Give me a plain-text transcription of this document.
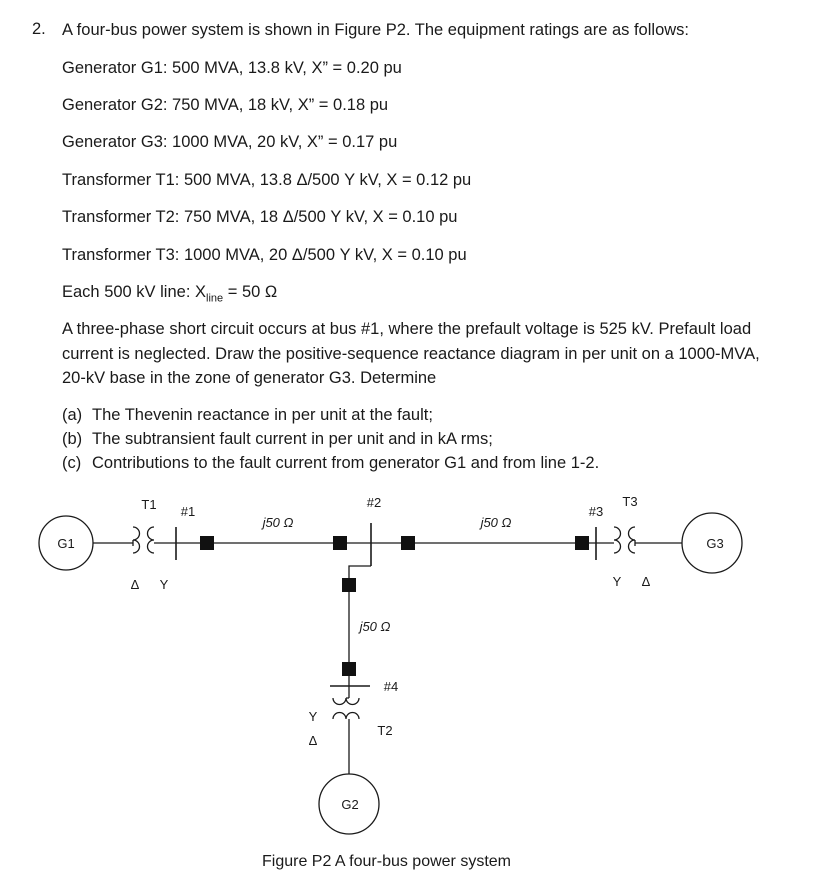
2. A four-bus power system is shown in Figure P2. The equipment ratings are as follows:
Generator G1: 500 MVA, 13.8 kV, X” = 0.20 pu
Generator G2: 750 MVA, 18 kV, X” = 0.18 pu
Generator G3: 1000 MVA, 20 kV, X” = 0.17 pu
Transformer T1: 500 MVA, 13.8 Δ/500 Y kV, X = 0.12 pu
Transformer T2: 750 MVA, 18 Δ/500 Y kV, X = 0.10 pu
Transformer T3: 1000 MVA, 20 Δ/500 Y kV, X = 0.10 pu
Each 500 kV line: $X_{line} = 50$ Ω
A three-phase short circuit occurs at bus #1, where the prefault voltage is 525 kV. Prefault load
current is neglected. Draw the positive-sequence reactance diagram in per unit on a 1000-MVA,
20-kV base in the zone of generator G3. Determine
(a) The Thevenin reactance in per unit at the fault;
(b) The subtransient fault current in per unit and in kA rms;
(c) Contributions to the fault current from generator G1 and from line 1-2.
G1
T1
Δ Y
#1
j50 Ω
#2
j50 Ω
#3
T3
Y Δ
G3
j50 Ω
#4
T2
Y
Δ
G2
Figure P2 A four-bus power system
